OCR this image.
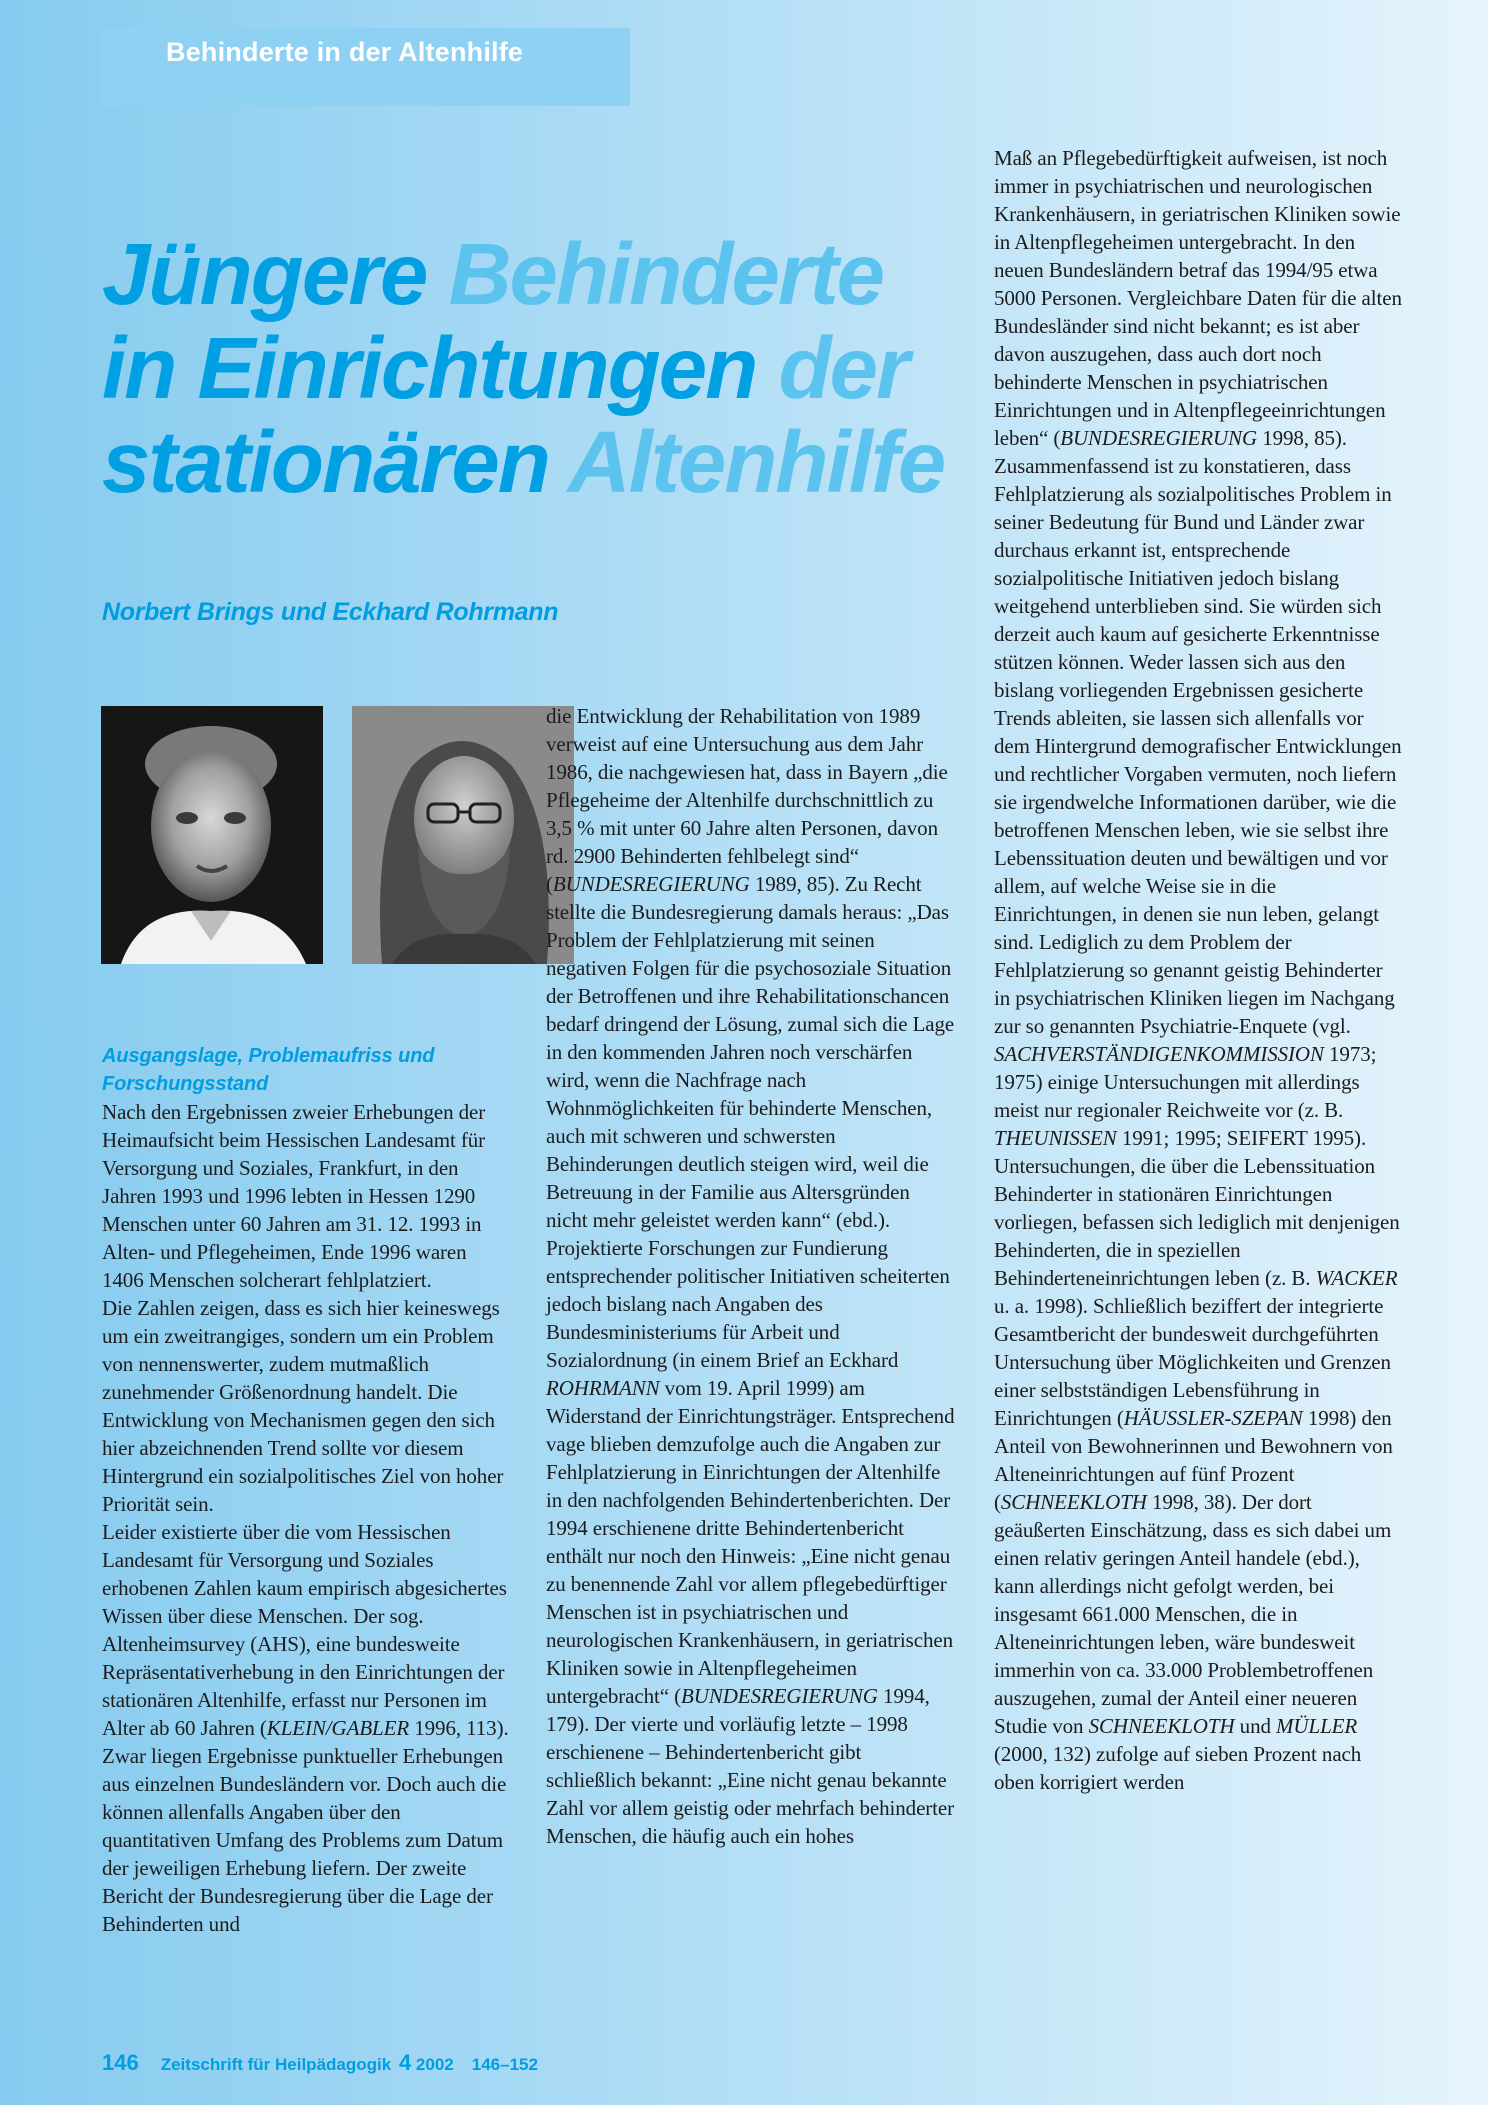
Behinderte in der Altenhilfe
Jüngere Behinderte
in Einrichtungen der
stationären Altenhilfe
Norbert Brings und Eckhard Rohrmann
Ausgangslage, Problemaufriss und Forschungsstand

Nach den Ergebnissen zweier Erhebungen der Heimaufsicht beim Hessischen Landesamt für Versorgung und Soziales, Frankfurt, in den Jahren 1993 und 1996 lebten in Hessen 1290 Menschen unter 60 Jahren am 31. 12. 1993 in Alten- und Pflegeheimen, Ende 1996 waren 1406 Menschen solcherart fehlplatziert.

Die Zahlen zeigen, dass es sich hier keineswegs um ein zweitrangiges, sondern um ein Problem von nennenswerter, zudem mutmaßlich zunehmender Größenordnung handelt. Die Entwicklung von Mechanismen gegen den sich hier abzeichnenden Trend sollte vor diesem Hintergrund ein sozialpolitisches Ziel von hoher Priorität sein.

Leider existierte über die vom Hessischen Landesamt für Versorgung und Soziales erhobenen Zahlen kaum empirisch abgesichertes Wissen über diese Menschen. Der sog. Altenheimsurvey (AHS), eine bundesweite Repräsentativerhebung in den Einrichtungen der stationären Altenhilfe, erfasst nur Personen im Alter ab 60 Jahren (KLEIN/GABLER 1996, 113).

Zwar liegen Ergebnisse punktueller Erhebungen aus einzelnen Bundesländern vor. Doch auch die können allenfalls Angaben über den quantitativen Umfang des Problems zum Datum der jeweiligen Erhebung liefern. Der zweite Bericht der Bundesregierung über die Lage der Behinderten und

die Entwicklung der Rehabilitation von 1989 verweist auf eine Untersuchung aus dem Jahr 1986, die nachgewiesen hat, dass in Bayern „die Pflegeheime der Altenhilfe durchschnittlich zu 3,5 % mit unter 60 Jahre alten Personen, davon rd. 2900 Behinderten fehlbelegt sind“ (BUNDESREGIERUNG 1989, 85). Zu Recht stellte die Bundesregierung damals heraus: „Das Problem der Fehlplatzierung mit seinen negativen Folgen für die psychosoziale Situation der Betroffenen und ihre Rehabilitationschancen bedarf dringend der Lösung, zumal sich die Lage in den kommenden Jahren noch verschärfen wird, wenn die Nachfrage nach Wohnmöglichkeiten für behinderte Menschen, auch mit schweren und schwersten Behinderungen deutlich steigen wird, weil die Betreuung in der Familie aus Altersgründen nicht mehr geleistet werden kann“ (ebd.). Projektierte Forschungen zur Fundierung entsprechender politischer Initiativen scheiterten jedoch bislang nach Angaben des Bundesministeriums für Arbeit und Sozialordnung (in einem Brief an Eckhard ROHRMANN vom 19. April 1999) am Widerstand der Einrichtungsträger. Entsprechend vage blieben demzufolge auch die Angaben zur Fehlplatzierung in Einrichtungen der Altenhilfe in den nachfolgenden Behindertenberichten. Der 1994 erschienene dritte Behindertenbericht enthält nur noch den Hinweis: „Eine nicht genau zu benennende Zahl vor allem pflegebedürftiger Menschen ist in psychiatrischen und neurologischen Krankenhäusern, in geriatrischen Kliniken sowie in Altenpflegeheimen untergebracht“ (BUNDESREGIERUNG 1994, 179). Der vierte und vorläufig letzte – 1998 erschienene – Behindertenbericht gibt schließlich bekannt: „Eine nicht genau bekannte Zahl vor allem geistig oder mehrfach behinderter Menschen, die häufig auch ein hohes

Maß an Pflegebedürftigkeit aufweisen, ist noch immer in psychiatrischen und neurologischen Krankenhäusern, in geriatrischen Kliniken sowie in Altenpflegeheimen untergebracht. In den neuen Bundesländern betraf das 1994/95 etwa 5000 Personen. Vergleichbare Daten für die alten Bundesländer sind nicht bekannt; es ist aber davon auszugehen, dass auch dort noch behinderte Menschen in psychiatrischen Einrichtungen und in Altenpflegeeinrichtungen leben“ (BUNDESREGIERUNG 1998, 85).

Zusammenfassend ist zu konstatieren, dass Fehlplatzierung als sozialpolitisches Problem in seiner Bedeutung für Bund und Länder zwar durchaus erkannt ist, entsprechende sozialpolitische Initiativen jedoch bislang weitgehend unterblieben sind. Sie würden sich derzeit auch kaum auf gesicherte Erkenntnisse stützen können. Weder lassen sich aus den bislang vorliegenden Ergebnissen gesicherte Trends ableiten, sie lassen sich allenfalls vor dem Hintergrund demografischer Entwicklungen und rechtlicher Vorgaben vermuten, noch liefern sie irgendwelche Informationen darüber, wie die betroffenen Menschen leben, wie sie selbst ihre Lebenssituation deuten und bewältigen und vor allem, auf welche Weise sie in die Einrichtungen, in denen sie nun leben, gelangt sind. Lediglich zu dem Problem der Fehlplatzierung so genannt geistig Behinderter in psychiatrischen Kliniken liegen im Nachgang zur so genannten Psychiatrie-Enquete (vgl. SACHVERSTÄNDIGENKOMMISSION 1973; 1975) einige Untersuchungen mit allerdings meist nur regionaler Reichweite vor (z. B. THEUNISSEN 1991; 1995; SEIFERT 1995). Untersuchungen, die über die Lebenssituation Behinderter in stationären Einrichtungen vorliegen, befassen sich lediglich mit denjenigen Behinderten, die in speziellen Behinderteneinrichtungen leben (z. B. WACKER u. a. 1998). Schließlich beziffert der integrierte Gesamtbericht der bundesweit durchgeführten Untersuchung über Möglichkeiten und Grenzen einer selbstständigen Lebensführung in Einrichtungen (HÄUSSLER-SZEPAN 1998) den Anteil von Bewohnerinnen und Bewohnern von Alteneinrichtungen auf fünf Prozent (SCHNEEKLOTH 1998, 38). Der dort geäußerten Einschätzung, dass es sich dabei um einen relativ geringen Anteil handele (ebd.), kann allerdings nicht gefolgt werden, bei insgesamt 661.000 Menschen, die in Alteneinrichtungen leben, wäre bundesweit immerhin von ca. 33.000 Problembetroffenen auszugehen, zumal der Anteil einer neueren Studie von SCHNEEKLOTH und MÜLLER (2000, 132) zufolge auf sieben Prozent nach oben korrigiert werden

146 Zeitschrift für Heilpädagogik 4 2002 146–152
